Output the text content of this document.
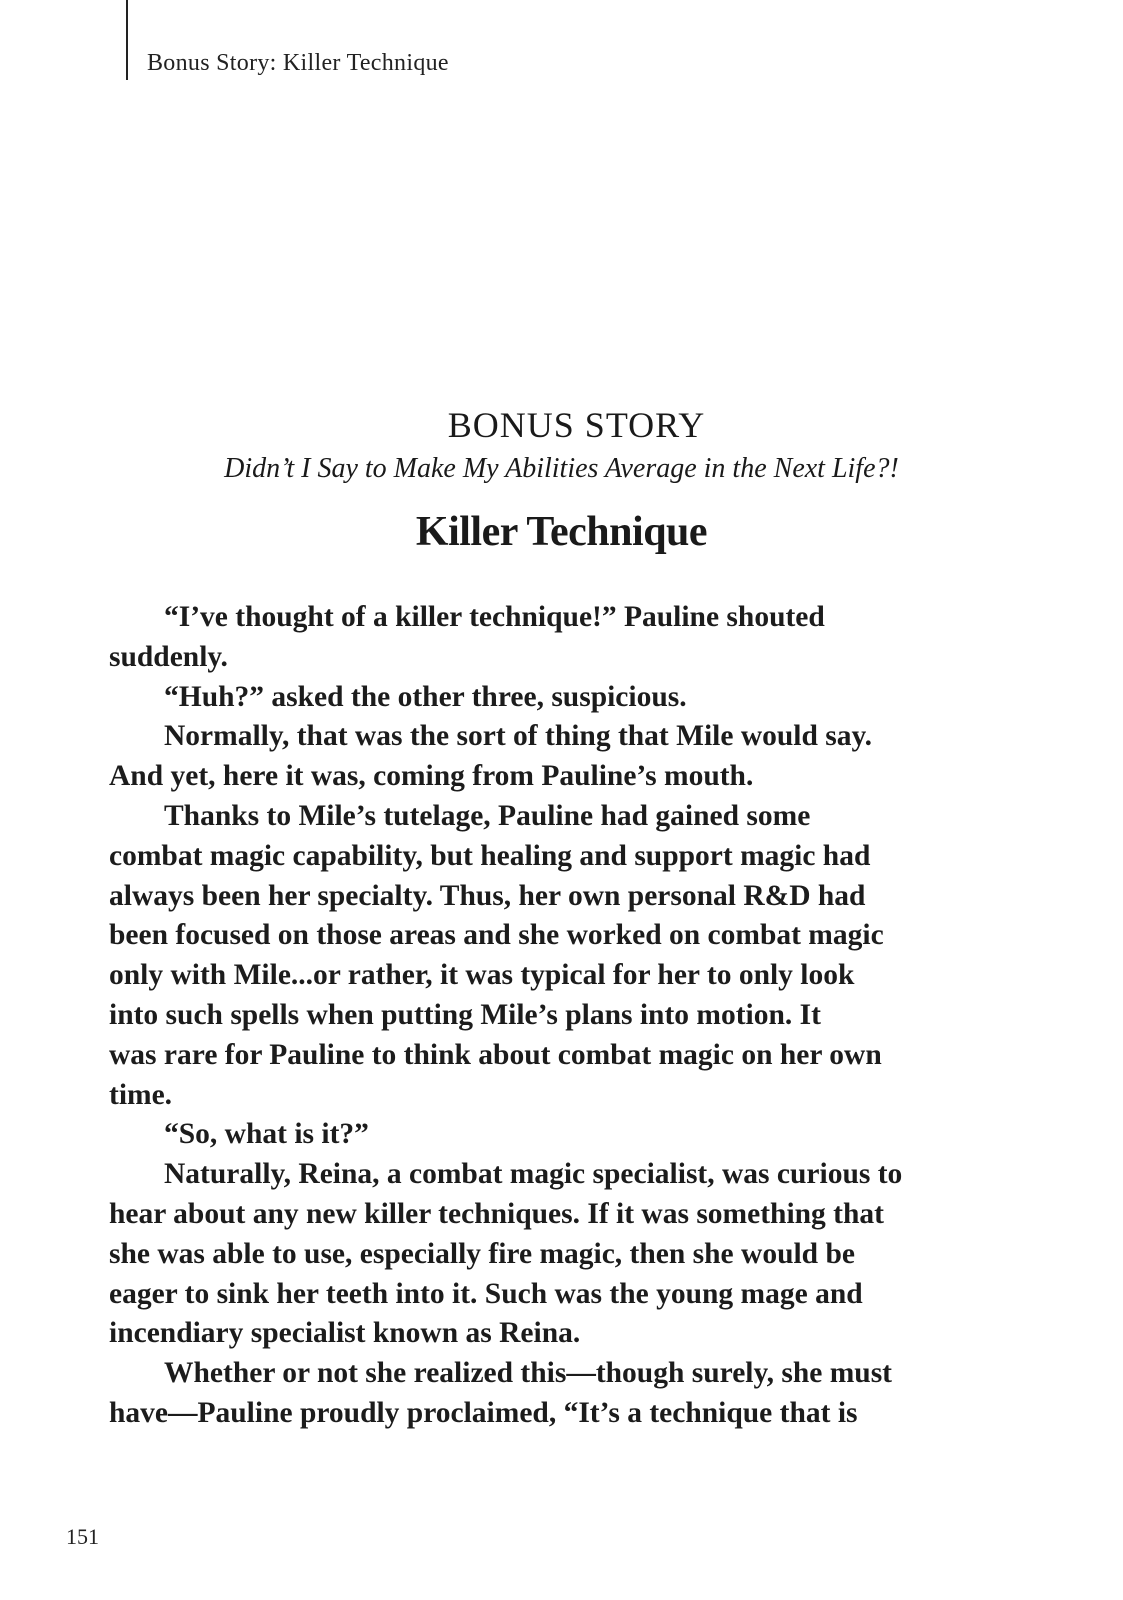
Bonus Story: Killer Technique
BONUS STORY
Didn’t I Say to Make My Abilities Average in the Next Life?!
Killer Technique
“I’ve thought of a killer technique!” Pauline shouted
suddenly.
“Huh?” asked the other three, suspicious.
Normally, that was the sort of thing that Mile would say.
And yet, here it was, coming from Pauline’s mouth.
Thanks to Mile’s tutelage, Pauline had gained some
combat magic capability, but healing and support magic had
always been her specialty. Thus, her own personal R&D had
been focused on those areas and she worked on combat magic
only with Mile...or rather, it was typical for her to only look
into such spells when putting Mile’s plans into motion. It
was rare for Pauline to think about combat magic on her own
time.
“So, what is it?”
Naturally, Reina, a combat magic specialist, was curious to
hear about any new killer techniques. If it was something that
she was able to use, especially fire magic, then she would be
eager to sink her teeth into it. Such was the young mage and
incendiary specialist known as Reina.
Whether or not she realized this—though surely, she must
have—Pauline proudly proclaimed, “It’s a technique that is
151
